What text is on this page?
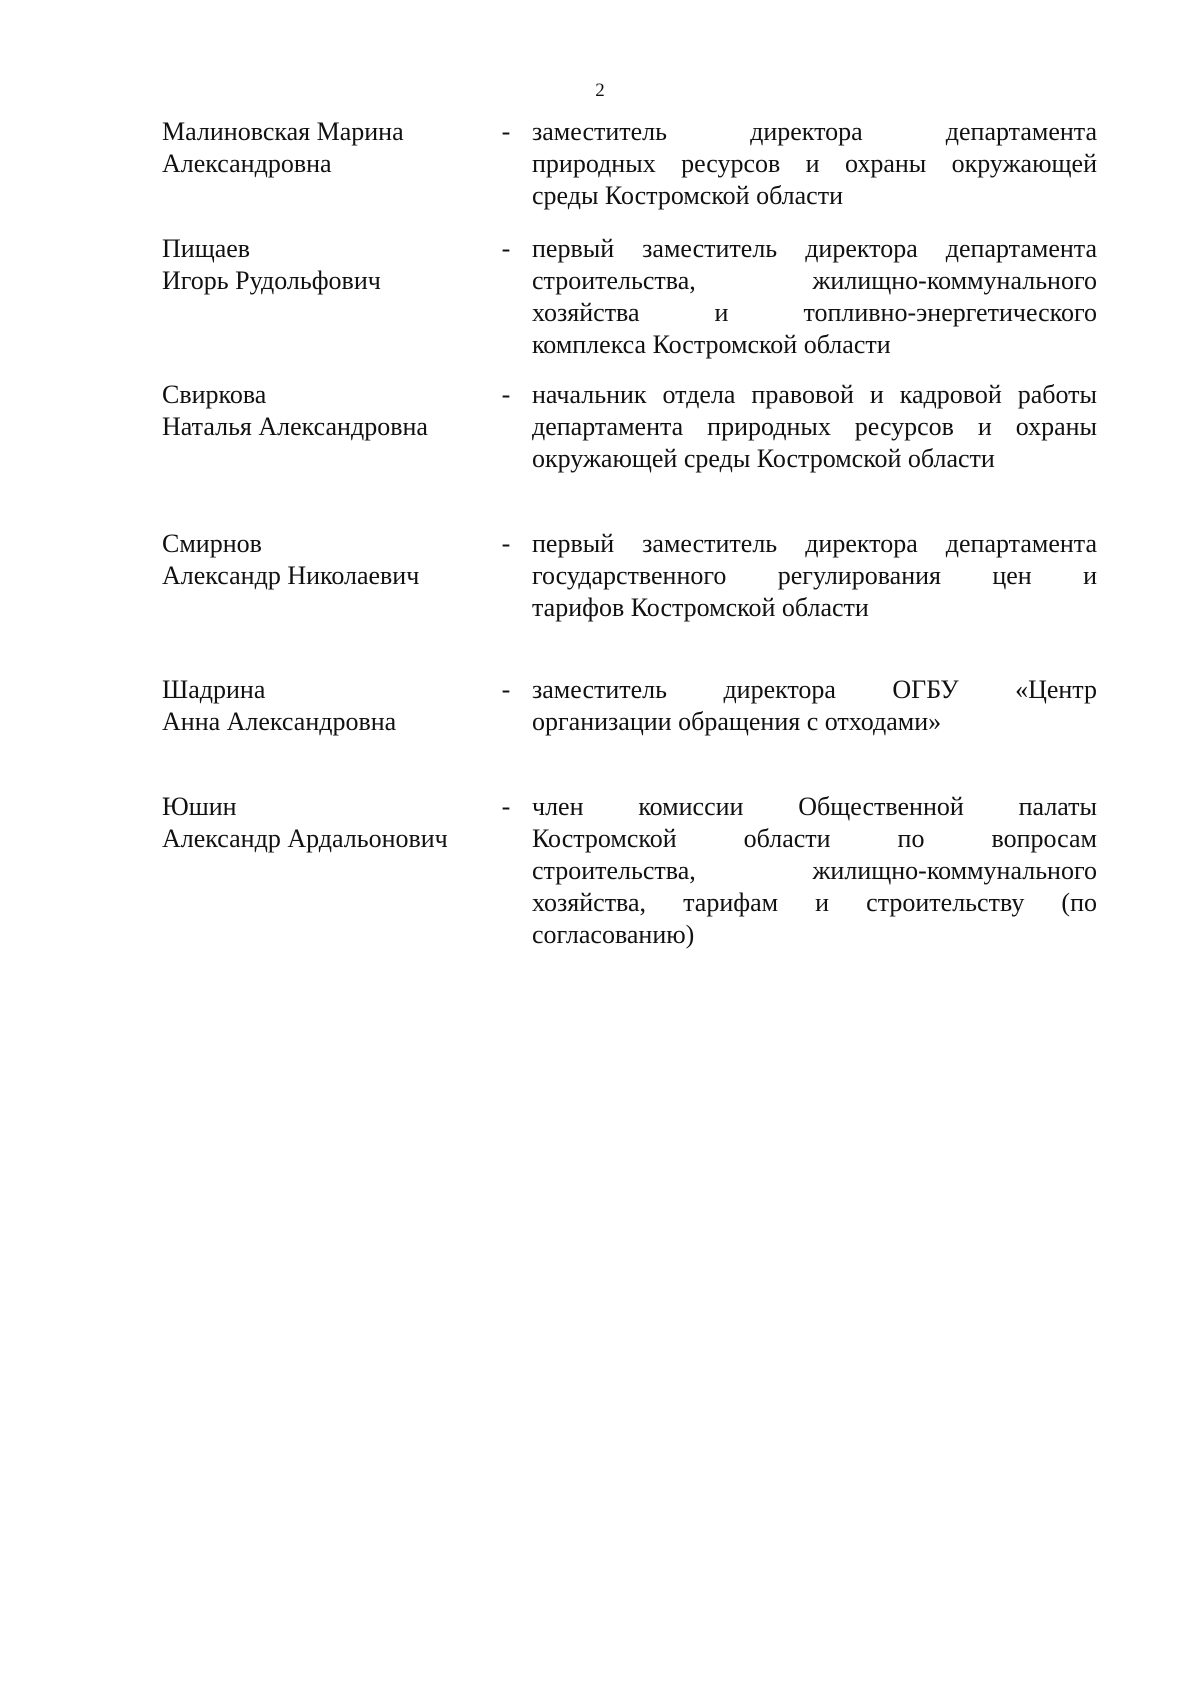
2
Малиновская Марина
Александровна
- заместитель директора департамента
природных ресурсов и охраны окружающей
среды Костромской области
Пищаев
Игорь Рудольфович
- первый заместитель директора департамента
строительства, жилищно-коммунального
хозяйства и топливно-энергетического
комплекса Костромской области
Свиркова
Наталья Александровна
- начальник отдела правовой и кадровой работы
департамента природных ресурсов и охраны
окружающей среды Костромской области
Смирнов
Александр Николаевич
- первый заместитель директора департамента
государственного регулирования цен и
тарифов Костромской области
Шадрина
Анна Александровна
- заместитель директора ОГБУ «Центр
организации обращения с отходами»
Юшин
Александр Ардальонович
- член комиссии Общественной палаты
Костромской области по вопросам
строительства, жилищно-коммунального
хозяйства, тарифам и строительству (по
согласованию)
